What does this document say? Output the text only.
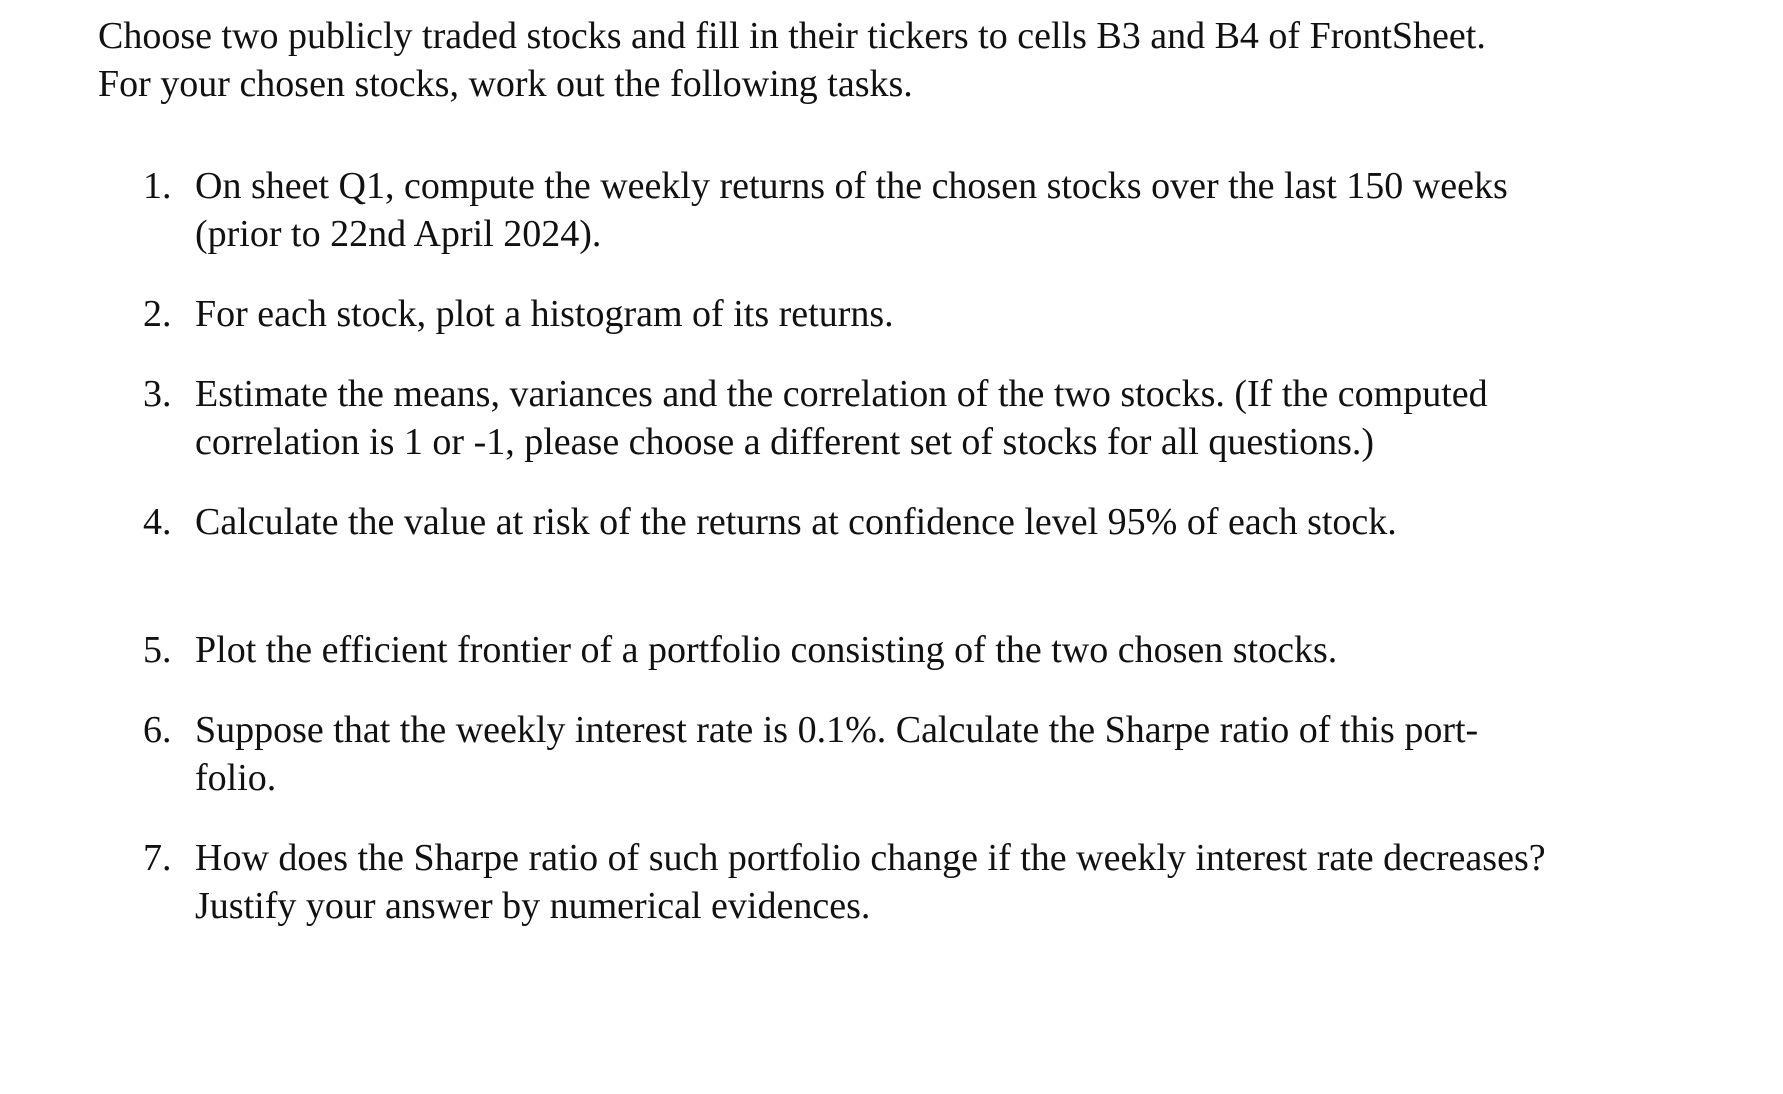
Choose two publicly traded stocks and fill in their tickers to cells B3 and B4 of FrontSheet.

For your chosen stocks, work out the following tasks.

1. On sheet Q1, compute the weekly returns of the chosen stocks over the last 150 weeks
(prior to 22nd April 2024).
2. For each stock, plot a histogram of its returns.
3. Estimate the means, variances and the correlation of the two stocks. (If the computed
correlation is 1 or -1, please choose a different set of stocks for all questions.)
4. Calculate the value at risk of the returns at confidence level 95% of each stock.
5. Plot the efficient frontier of a portfolio consisting of the two chosen stocks.
6. Suppose that the weekly interest rate is 0.1%. Calculate the Sharpe ratio of this port-
folio.
7. How does the Sharpe ratio of such portfolio change if the weekly interest rate decreases?
Justify your answer by numerical evidences.
